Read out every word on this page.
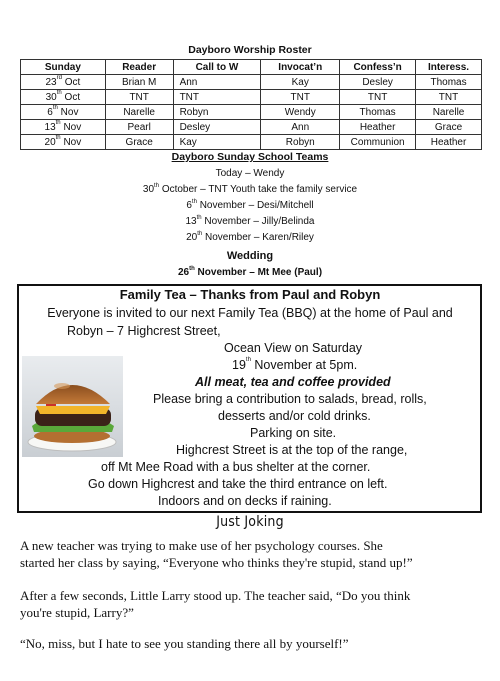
Dayboro Worship Roster
Sunday	Reader	Call to W	Invocat’n	Confess’n	Interess.
23rd Oct	Brian M	Ann	Kay	Desley	Thomas
30th Oct	TNT	TNT	TNT	TNT	TNT
6th Nov	Narelle	Robyn	Wendy	Thomas	Narelle
13th Nov	Pearl	Desley	Ann	Heather	Grace
20th Nov	Grace	Kay	Robyn	Communion	Heather
Dayboro Sunday School Teams
Today – Wendy
30th October – TNT Youth take the family service
6th November – Desi/Mitchell
13th November – Jilly/Belinda
20th November – Karen/Riley
Wedding
26th November – Mt Mee (Paul)
Family Tea – Thanks from Paul and Robyn
Everyone is invited to our next Family Tea (BBQ) at the home of Paul and
Robyn – 7 Highcrest Street,
Ocean View on Saturday
19th November at 5pm.
All meat, tea and coffee provided
Please bring a contribution to salads, bread, rolls,
desserts and/or cold drinks.
Parking on site.
Highcrest Street is at the top of the range,
off Mt Mee Road with a bus shelter at the corner.
Go down Highcrest and take the third entrance on left.
Indoors and on decks if raining.
Just Joking
A new teacher was trying to make use of her psychology courses. She
started her class by saying, “Everyone who thinks they're stupid, stand up!”
After a few seconds, Little Larry stood up. The teacher said, “Do you think
you're stupid, Larry?”
“No, miss, but I hate to see you standing there all by yourself!”
